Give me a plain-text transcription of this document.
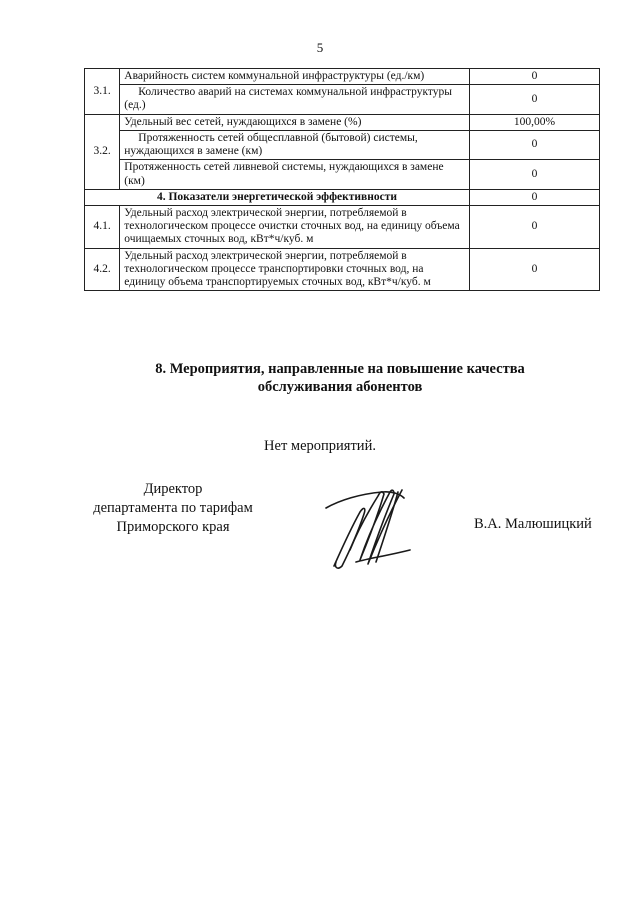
5
3.1.	Аварийность систем коммунальной инфраструктуры (ед./км)	0
	Количество аварий на системах коммунальной инфраструктуры (ед.)	0
3.2.	Удельный вес сетей, нуждающихся в замене (%)	100,00%
	Протяженность сетей общесплавной (бытовой) системы, нуждающихся в замене (км)	0
	Протяженность сетей ливневой системы, нуждающихся в замене (км)	0
4. Показатели энергетической эффективности		0
4.1.	Удельный расход электрической энергии, потребляемой в технологическом процессе очистки сточных вод, на единицу объема очищаемых сточных вод, кВт*ч/куб. м	0
4.2.	Удельный расход электрической энергии, потребляемой в технологическом процессе транспортировки сточных вод, на единицу объема транспортируемых сточных вод, кВт*ч/куб. м	0
8. Мероприятия, направленные на повышение качества
обслуживания абонентов
Нет мероприятий.
Директор
департамента по тарифам
Приморского края	В.А. Малюшицкий
